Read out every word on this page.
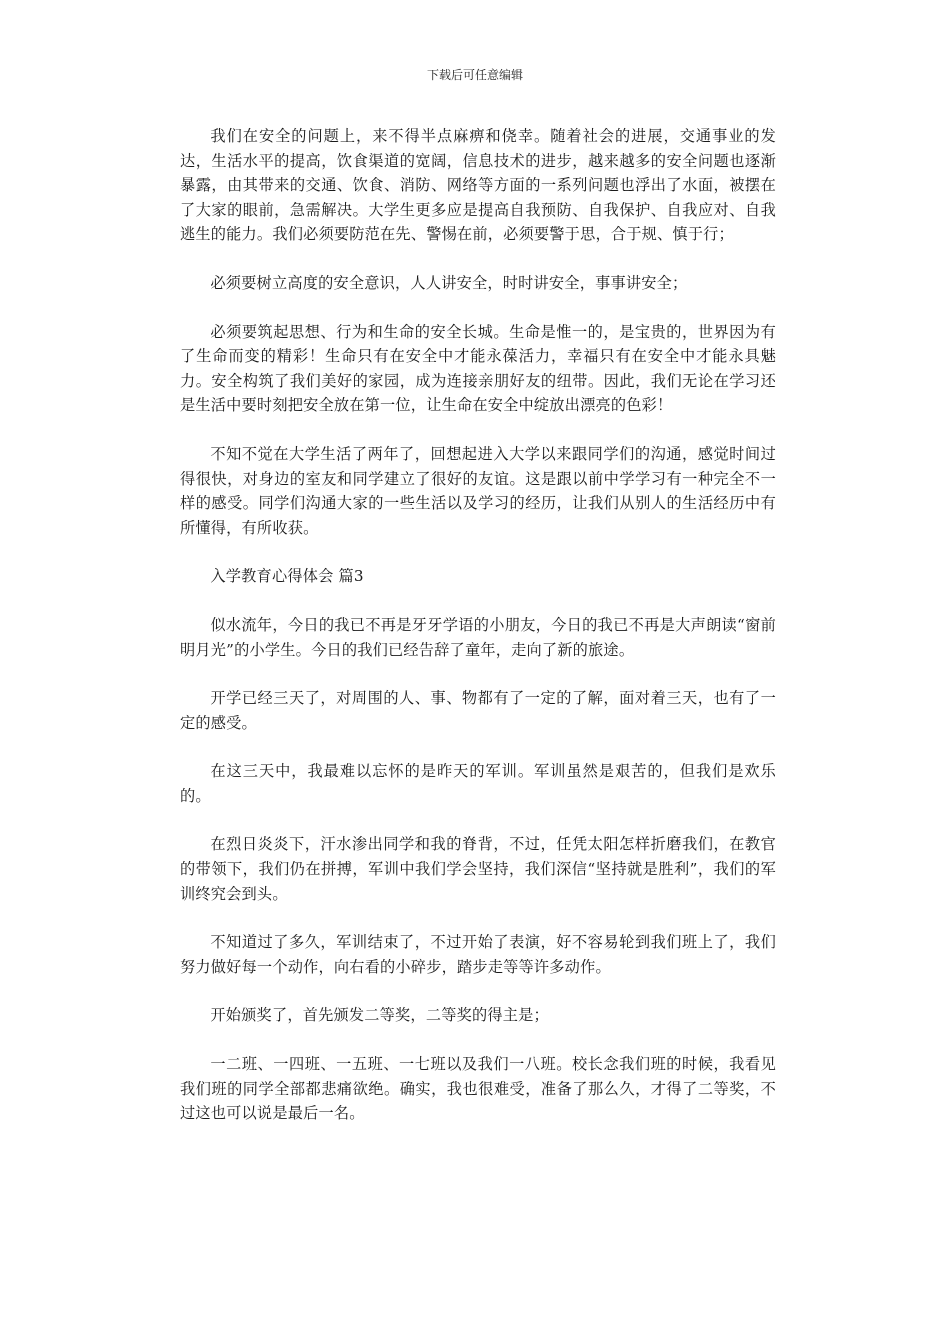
下载后可任意编辑

我们在安全的问题上，来不得半点麻痹和侥幸。随着社会的进展，交通事业的发达，生活水平的提高，饮食渠道的宽阔，信息技术的进步，越来越多的安全问题也逐渐暴露，由其带来的交通、饮食、消防、网络等方面的一系列问题也浮出了水面，被摆在了大家的眼前，急需解决。大学生更多应是提高自我预防、自我保护、自我应对、自我逃生的能力。我们必须要防范在先、警惕在前，必须要警于思，合于规、慎于行；

必须要树立高度的安全意识，人人讲安全，时时讲安全，事事讲安全；

必须要筑起思想、行为和生命的安全长城。生命是惟一的，是宝贵的，世界因为有了生命而变的精彩！生命只有在安全中才能永葆活力，幸福只有在安全中才能永具魅力。安全构筑了我们美好的家园，成为连接亲朋好友的纽带。因此，我们无论在学习还是生活中要时刻把安全放在第一位，让生命在安全中绽放出漂亮的色彩！

不知不觉在大学生活了两年了，回想起进入大学以来跟同学们的沟通，感觉时间过得很快，对身边的室友和同学建立了很好的友谊。这是跟以前中学学习有一种完全不一样的感受。同学们沟通大家的一些生活以及学习的经历，让我们从别人的生活经历中有所懂得，有所收获。

入学教育心得体会 篇3

似水流年，今日的我已不再是牙牙学语的小朋友，今日的我已不再是大声朗读“窗前明月光”的小学生。今日的我们已经告辞了童年，走向了新的旅途。

开学已经三天了，对周围的人、事、物都有了一定的了解，面对着三天，也有了一定的感受。

在这三天中，我最难以忘怀的是昨天的军训。军训虽然是艰苦的，但我们是欢乐的。

在烈日炎炎下，汗水渗出同学和我的脊背，不过，任凭太阳怎样折磨我们，在教官的带领下，我们仍在拼搏，军训中我们学会坚持，我们深信“坚持就是胜利”，我们的军训终究会到头。

不知道过了多久，军训结束了，不过开始了表演，好不容易轮到我们班上了，我们努力做好每一个动作，向右看的小碎步，踏步走等等许多动作。

开始颁奖了，首先颁发二等奖，二等奖的得主是；

一二班、一四班、一五班、一七班以及我们一八班。校长念我们班的时候，我看见我们班的同学全部都悲痛欲绝。确实，我也很难受，准备了那么久，才得了二等奖，不过这也可以说是最后一名。
